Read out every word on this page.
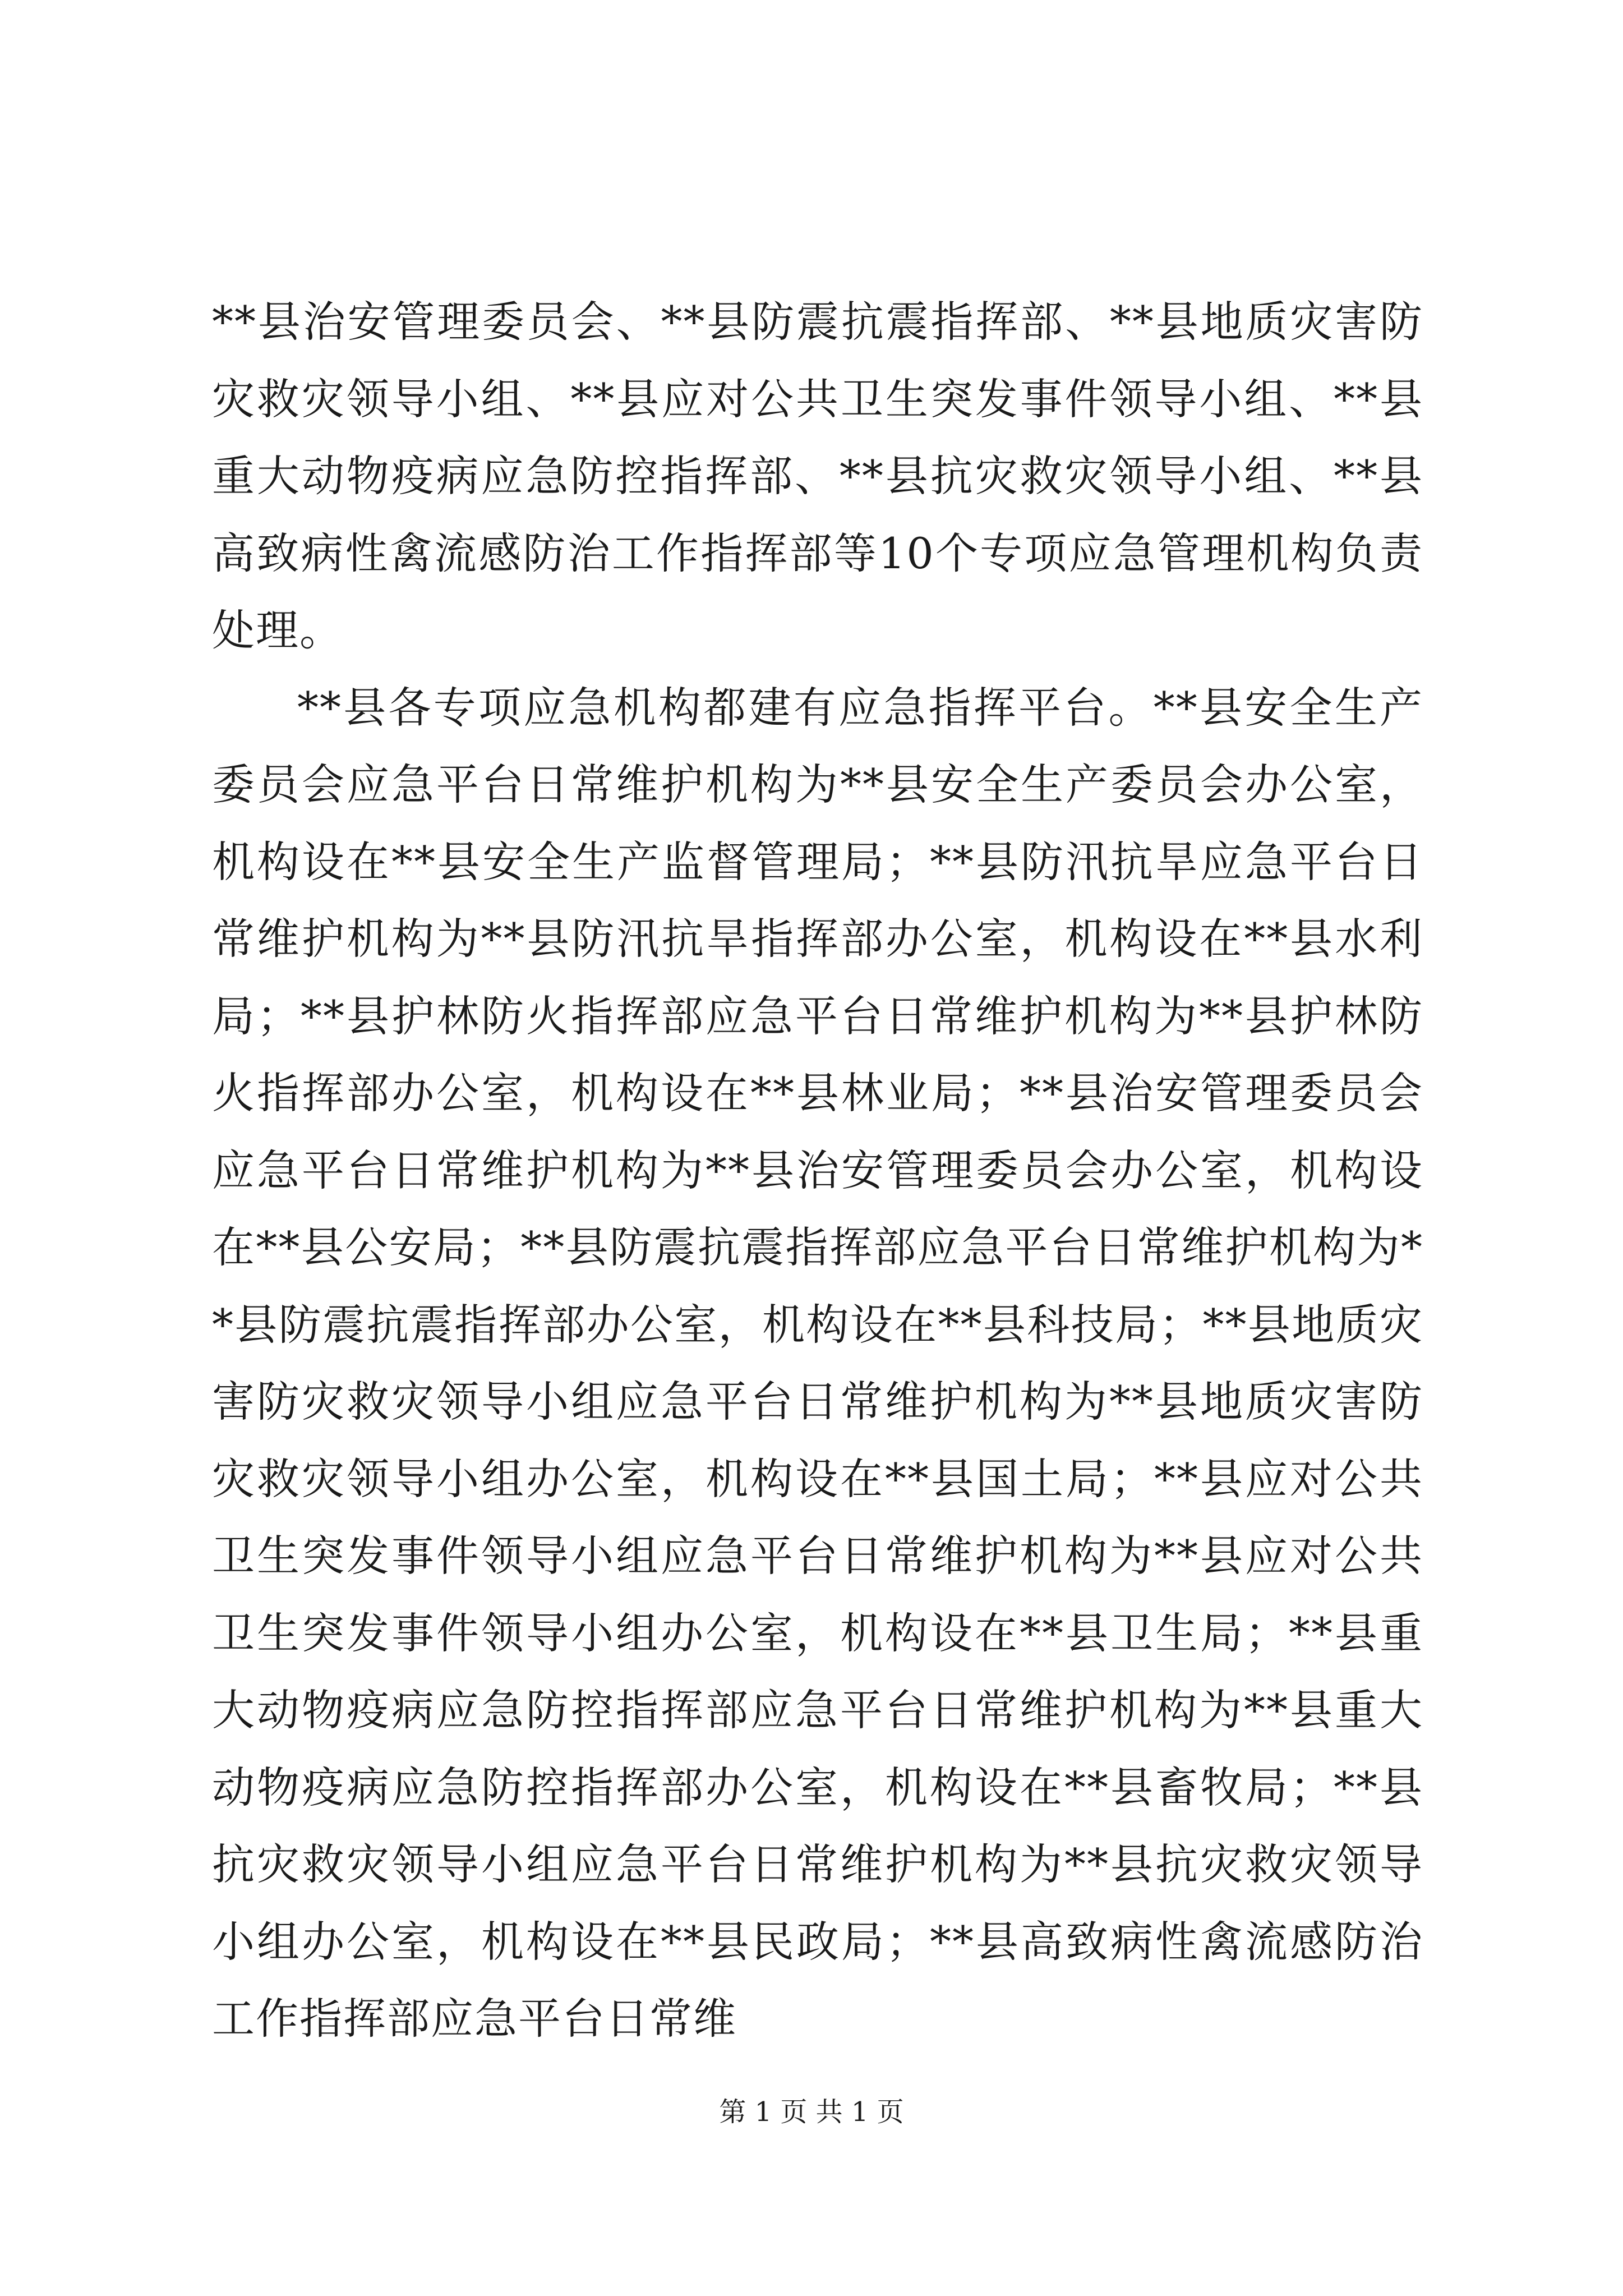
**县治安管理委员会、**县防震抗震指挥部、**县地质灾害防灾救灾领导小组、**县应对公共卫生突发事件领导小组、**县重大动物疫病应急防控指挥部、**县抗灾救灾领导小组、**县高致病性禽流感防治工作指挥部等10个专项应急管理机构负责处理。

**县各专项应急机构都建有应急指挥平台。**县安全生产委员会应急平台日常维护机构为**县安全生产委员会办公室，机构设在**县安全生产监督管理局；**县防汛抗旱应急平台日常维护机构为**县防汛抗旱指挥部办公室，机构设在**县水利局；**县护林防火指挥部应急平台日常维护机构为**县护林防火指挥部办公室，机构设在**县林业局；**县治安管理委员会应急平台日常维护机构为**县治安管理委员会办公室，机构设在**县公安局；**县防震抗震指挥部应急平台日常维护机构为**县防震抗震指挥部办公室，机构设在**县科技局；**县地质灾害防灾救灾领导小组应急平台日常维护机构为**县地质灾害防灾救灾领导小组办公室，机构设在**县国土局；**县应对公共卫生突发事件领导小组应急平台日常维护机构为**县应对公共卫生突发事件领导小组办公室，机构设在**县卫生局；**县重大动物疫病应急防控指挥部应急平台日常维护机构为**县重大动物疫病应急防控指挥部办公室，机构设在**县畜牧局；**县抗灾救灾领导小组应急平台日常维护机构为**县抗灾救灾领导小组办公室，机构设在**县民政局；**县高致病性禽流感防治工作指挥部应急平台日常维

第 1 页 共 1 页
